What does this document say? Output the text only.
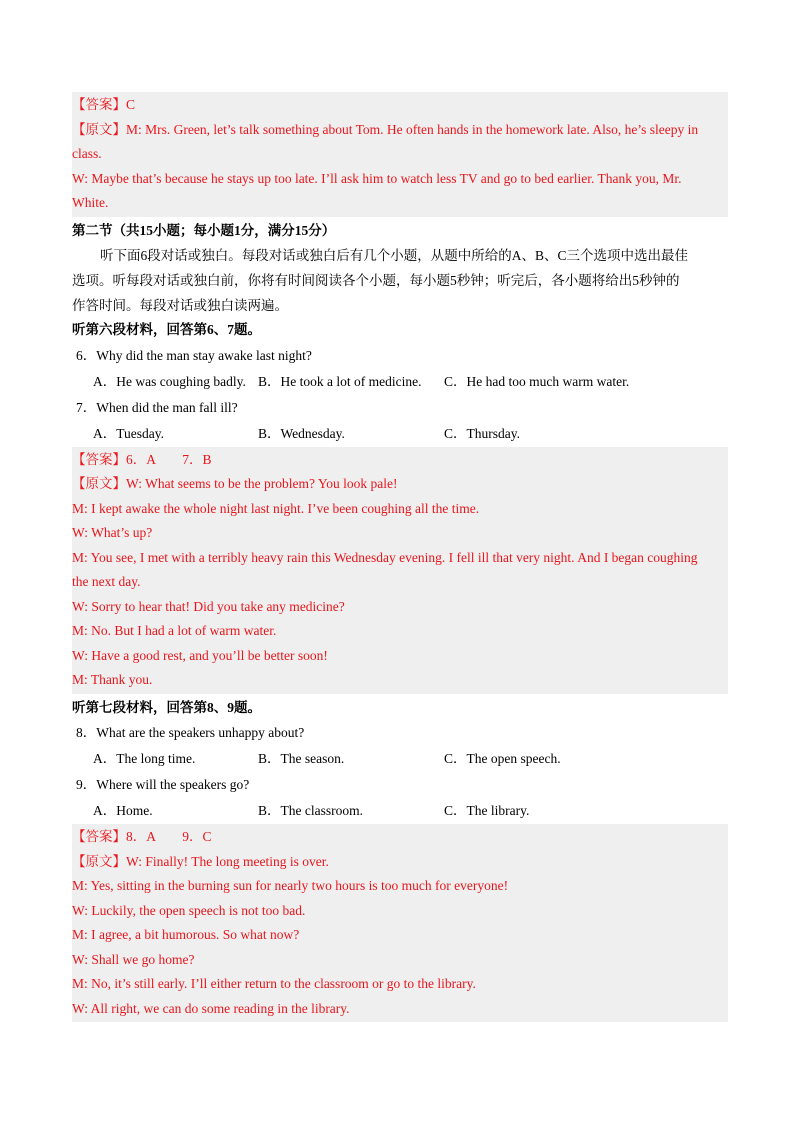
【答案】C
【原文】M: Mrs. Green, let’s talk something about Tom. He often hands in the homework late. Also, he’s sleepy in
class.
W: Maybe that’s because he stays up too late. I’ll ask him to watch less TV and go to bed earlier. Thank you, Mr.
White.
第二节（共15小题；每小题1分，满分15分）
听下面6段对话或独白。每段对话或独白后有几个小题，从题中所给的A、B、C三个选项中选出最佳
选项。听每段对话或独白前，你将有时间阅读各个小题，每小题5秒钟；听完后，各小题将给出5秒钟的
作答时间。每段对话或独白读两遍。
听第六段材料，回答第6、7题。
6．Why did the man stay awake last night?
A．He was coughing badly. B．He took a lot of medicine.	C．He had too much warm water.
7．When did the man fall ill?
A．Tuesday.	B．Wednesday.	C．Thursday.
【答案】6．A　　7．B
【原文】W: What seems to be the problem? You look pale!
M: I kept awake the whole night last night. I’ve been coughing all the time.
W: What’s up?
M: You see, I met with a terribly heavy rain this Wednesday evening. I fell ill that very night. And I began coughing
the next day.
W: Sorry to hear that! Did you take any medicine?
M: No. But I had a lot of warm water.
W: Have a good rest, and you’ll be better soon!
M: Thank you.
听第七段材料，回答第8、9题。
8．What are the speakers unhappy about?
A．The long time.	B．The season.	C．The open speech.
9．Where will the speakers go?
A．Home.	B．The classroom.	C．The library.
【答案】8．A　　9．C
【原文】W: Finally! The long meeting is over.
M: Yes, sitting in the burning sun for nearly two hours is too much for everyone!
W: Luckily, the open speech is not too bad.
M: I agree, a bit humorous. So what now?
W: Shall we go home?
M: No, it’s still early. I’ll either return to the classroom or go to the library.
W: All right, we can do some reading in the library.
